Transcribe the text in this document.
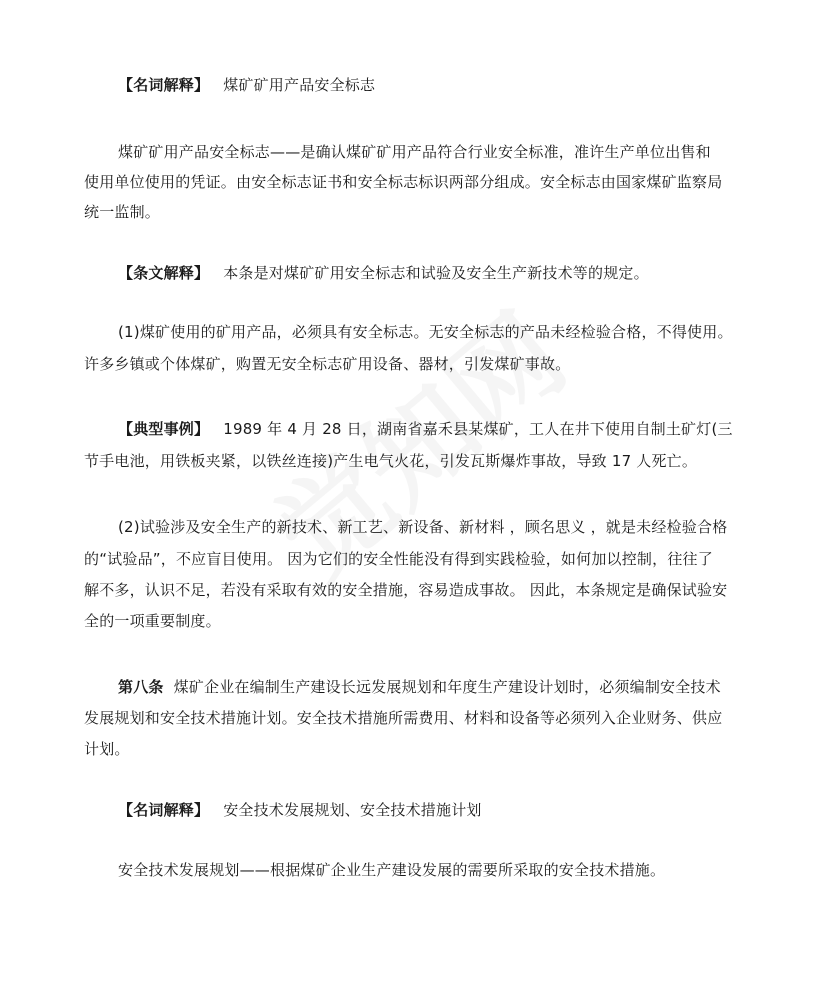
【名词解释】 煤矿矿用产品安全标志
煤矿矿用产品安全标志——是确认煤矿矿用产品符合行业安全标准，准许生产单位出售和
使用单位使用的凭证。由安全标志证书和安全标志标识两部分组成。安全标志由国家煤矿监察局
统一监制。
【条文解释】 本条是对煤矿矿用安全标志和试验及安全生产新技术等的规定。
(1)煤矿使用的矿用产品，必须具有安全标志。无安全标志的产品未经检验合格，不得使用。
许多乡镇或个体煤矿，购置无安全标志矿用设备、器材，引发煤矿事故。
【典型事例】 1989 年 4 月 28 日，湖南省嘉禾县某煤矿，工人在井下使用自制土矿灯(三
节手电池，用铁板夹紧，以铁丝连接)产生电气火花，引发瓦斯爆炸事故，导致 17 人死亡。
(2)试验涉及安全生产的新技术、新工艺、新设备、新材料 ，顾名思义 ，就是未经检验合格
的“试验品”，不应盲目使用。 因为它们的安全性能没有得到实践检验，如何加以控制，往往了
解不多，认识不足，若没有采取有效的安全措施，容易造成事故。 因此，本条规定是确保试验安
全的一项重要制度。
第八条 煤矿企业在编制生产建设长远发展规划和年度生产建设计划时，必须编制安全技术
发展规划和安全技术措施计划。安全技术措施所需费用、材料和设备等必须列入企业财务、供应
计划。
【名词解释】 安全技术发展规划、安全技术措施计划
安全技术发展规划——根据煤矿企业生产建设发展的需要所采取的安全技术措施。
